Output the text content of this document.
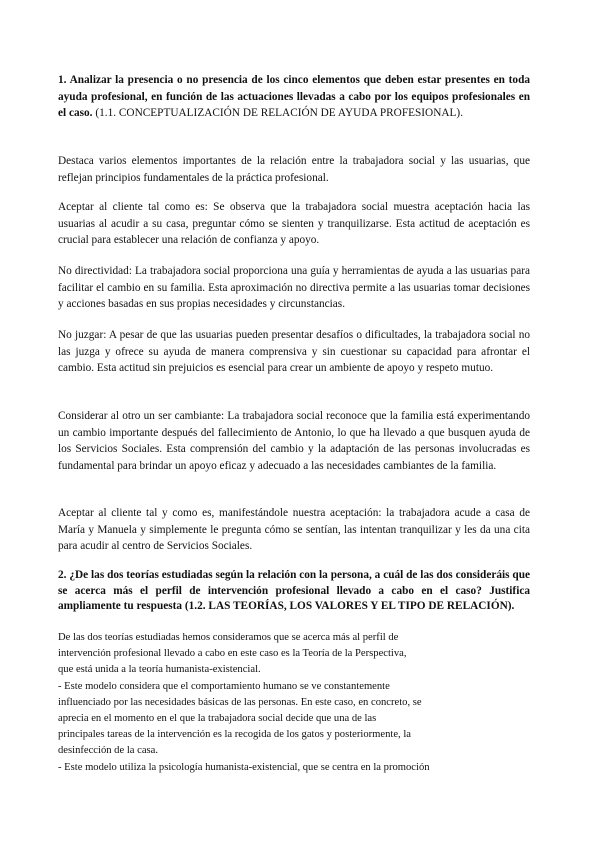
1. Analizar la presencia o no presencia de los cinco elementos que deben estar presentes en toda ayuda profesional, en función de las actuaciones llevadas a cabo por los equipos profesionales en el caso. (1.1. CONCEPTUALIZACIÓN DE RELACIÓN DE AYUDA PROFESIONAL).

Destaca varios elementos importantes de la relación entre la trabajadora social y las usuarias, que reflejan principios fundamentales de la práctica profesional.

Aceptar al cliente tal como es: Se observa que la trabajadora social muestra aceptación hacia las usuarias al acudir a su casa, preguntar cómo se sienten y tranquilizarse. Esta actitud de aceptación es crucial para establecer una relación de confianza y apoyo.

No directividad: La trabajadora social proporciona una guía y herramientas de ayuda a las usuarias para facilitar el cambio en su familia. Esta aproximación no directiva permite a las usuarias tomar decisiones y acciones basadas en sus propias necesidades y circunstancias.

No juzgar: A pesar de que las usuarias pueden presentar desafíos o dificultades, la trabajadora social no las juzga y ofrece su ayuda de manera comprensiva y sin cuestionar su capacidad para afrontar el cambio. Esta actitud sin prejuicios es esencial para crear un ambiente de apoyo y respeto mutuo.

Considerar al otro un ser cambiante: La trabajadora social reconoce que la familia está experimentando un cambio importante después del fallecimiento de Antonio, lo que ha llevado a que busquen ayuda de los Servicios Sociales. Esta comprensión del cambio y la adaptación de las personas involucradas es fundamental para brindar un apoyo eficaz y adecuado a las necesidades cambiantes de la familia.

Aceptar al cliente tal y como es, manifestándole nuestra aceptación: la trabajadora acude a casa de María y Manuela y simplemente le pregunta cómo se sentían, las intentan tranquilizar y les da una cita para acudir al centro de Servicios Sociales.

2. ¿De las dos teorías estudiadas según la relación con la persona, a cuál de las dos consideráis que se acerca más el perfil de intervención profesional llevado a cabo en el caso? Justifica ampliamente tu respuesta (1.2. LAS TEORÍAS, LOS VALORES Y EL TIPO DE RELACIÓN).
De las dos teorías estudiadas hemos consideramos que se acerca más al perfil de
intervención profesional llevado a cabo en este caso es la Teoría de la Perspectiva,
que está unida a la teoría humanista-existencial.
- Este modelo considera que el comportamiento humano se ve constantemente
influenciado por las necesidades básicas de las personas. En este caso, en concreto, se
aprecia en el momento en el que la trabajadora social decide que una de las
principales tareas de la intervención es la recogida de los gatos y posteriormente, la
desinfección de la casa.
- Este modelo utiliza la psicología humanista-existencial, que se centra en la promoción
